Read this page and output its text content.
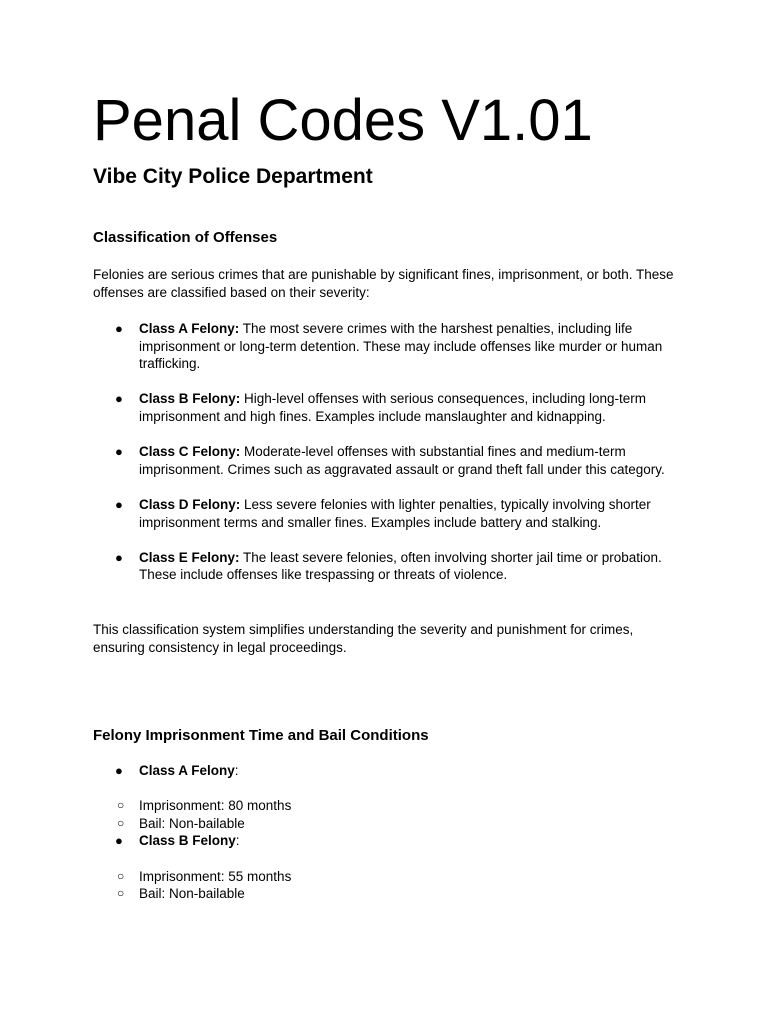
Penal Codes V1.01
Vibe City Police Department
Classification of Offenses

Felonies are serious crimes that are punishable by significant fines, imprisonment, or both. These offenses are classified based on their severity:

● Class A Felony: The most severe crimes with the harshest penalties, including life imprisonment or long-term detention. These may include offenses like murder or human trafficking.
● Class B Felony: High-level offenses with serious consequences, including long-term imprisonment and high fines. Examples include manslaughter and kidnapping.
● Class C Felony: Moderate-level offenses with substantial fines and medium-term imprisonment. Crimes such as aggravated assault or grand theft fall under this category.
● Class D Felony: Less severe felonies with lighter penalties, typically involving shorter imprisonment terms and smaller fines. Examples include battery and stalking.
● Class E Felony: The least severe felonies, often involving shorter jail time or probation. These include offenses like trespassing or threats of violence.

This classification system simplifies understanding the severity and punishment for crimes, ensuring consistency in legal proceedings.

Felony Imprisonment Time and Bail Conditions
● Class A Felony:
○ Imprisonment: 80 months
○ Bail: Non-bailable
● Class B Felony:
○ Imprisonment: 55 months
○ Bail: Non-bailable
